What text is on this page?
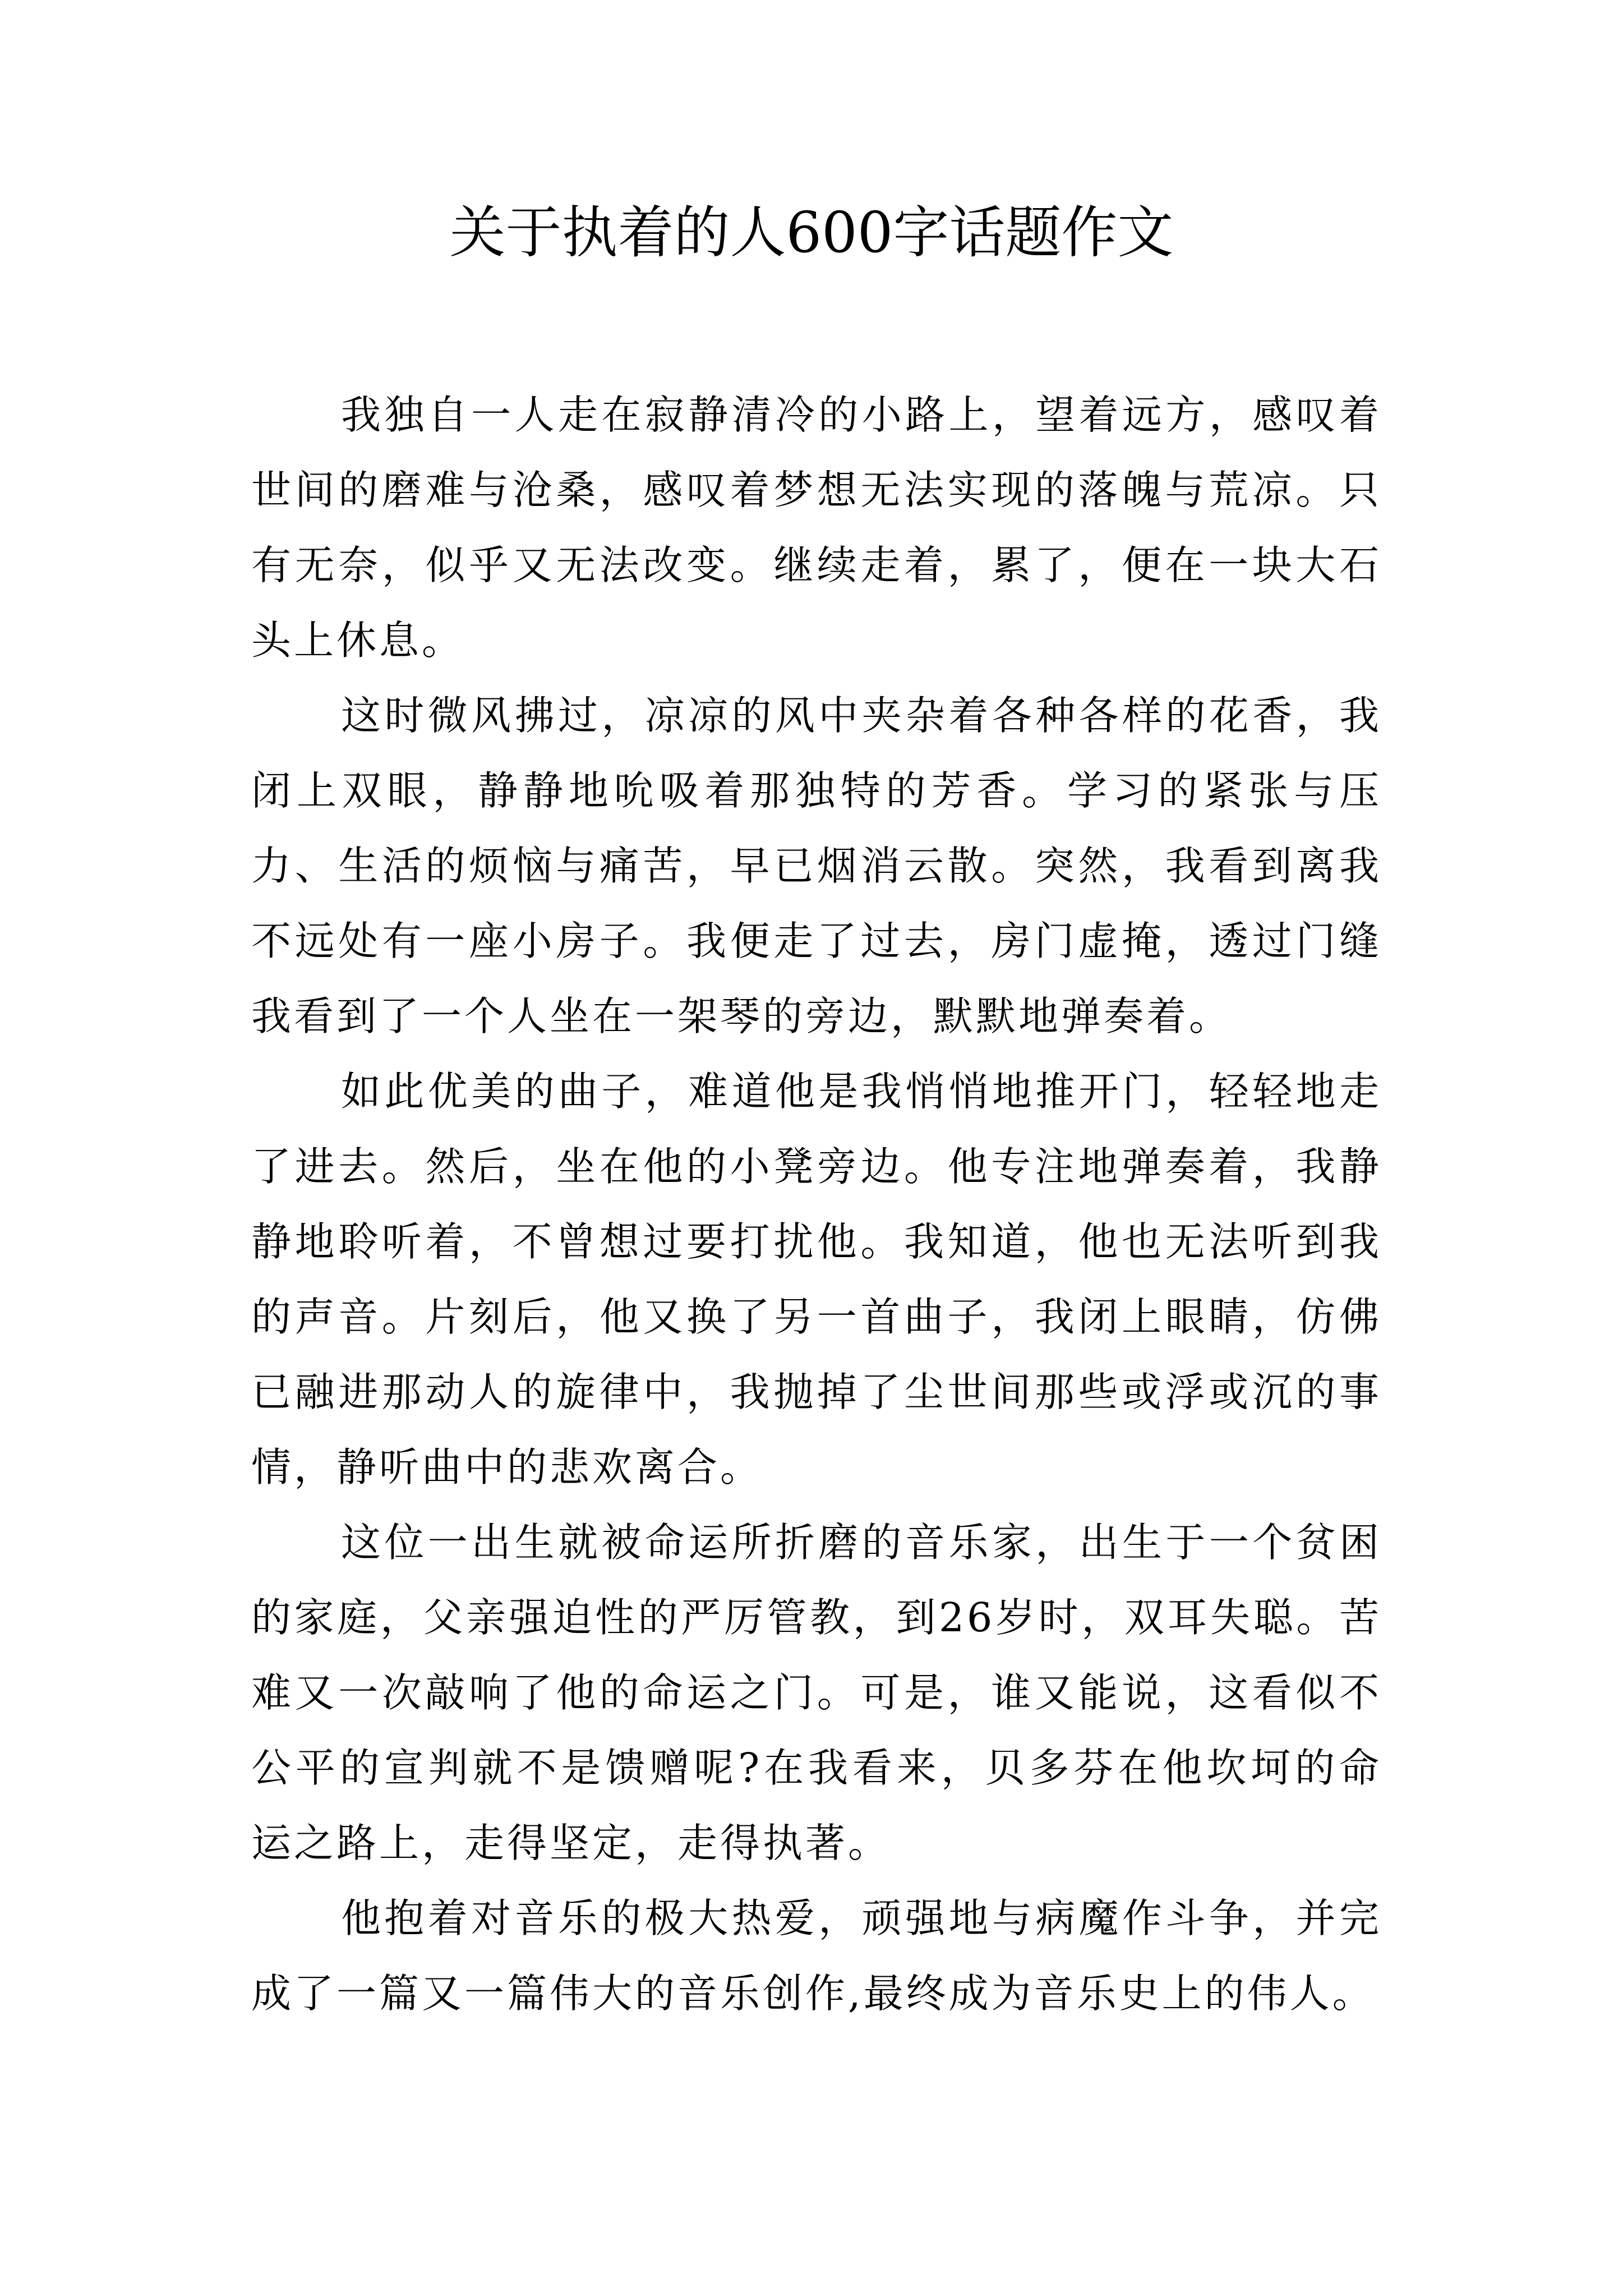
关于执着的人600字话题作文

我独自一人走在寂静清冷的小路上，望着远方，感叹着世间的磨难与沧桑，感叹着梦想无法实现的落魄与荒凉。只有无奈，似乎又无法改变。继续走着，累了，便在一块大石头上休息。

这时微风拂过，凉凉的风中夹杂着各种各样的花香，我闭上双眼，静静地吮吸着那独特的芳香。学习的紧张与压力、生活的烦恼与痛苦，早已烟消云散。突然，我看到离我不远处有一座小房子。我便走了过去，房门虚掩，透过门缝我看到了一个人坐在一架琴的旁边，默默地弹奏着。

如此优美的曲子，难道他是我悄悄地推开门，轻轻地走了进去。然后，坐在他的小凳旁边。他专注地弹奏着，我静静地聆听着，不曾想过要打扰他。我知道，他也无法听到我的声音。片刻后，他又换了另一首曲子，我闭上眼睛，仿佛已融进那动人的旋律中，我抛掉了尘世间那些或浮或沉的事情，静听曲中的悲欢离合。

这位一出生就被命运所折磨的音乐家，出生于一个贫困的家庭，父亲强迫性的严厉管教，到26岁时，双耳失聪。苦难又一次敲响了他的命运之门。可是，谁又能说，这看似不公平的宣判就不是馈赠呢?在我看来，贝多芬在他坎坷的命运之路上，走得坚定，走得执著。

他抱着对音乐的极大热爱，顽强地与病魔作斗争，并完成了一篇又一篇伟大的音乐创作,最终成为音乐史上的伟人。
